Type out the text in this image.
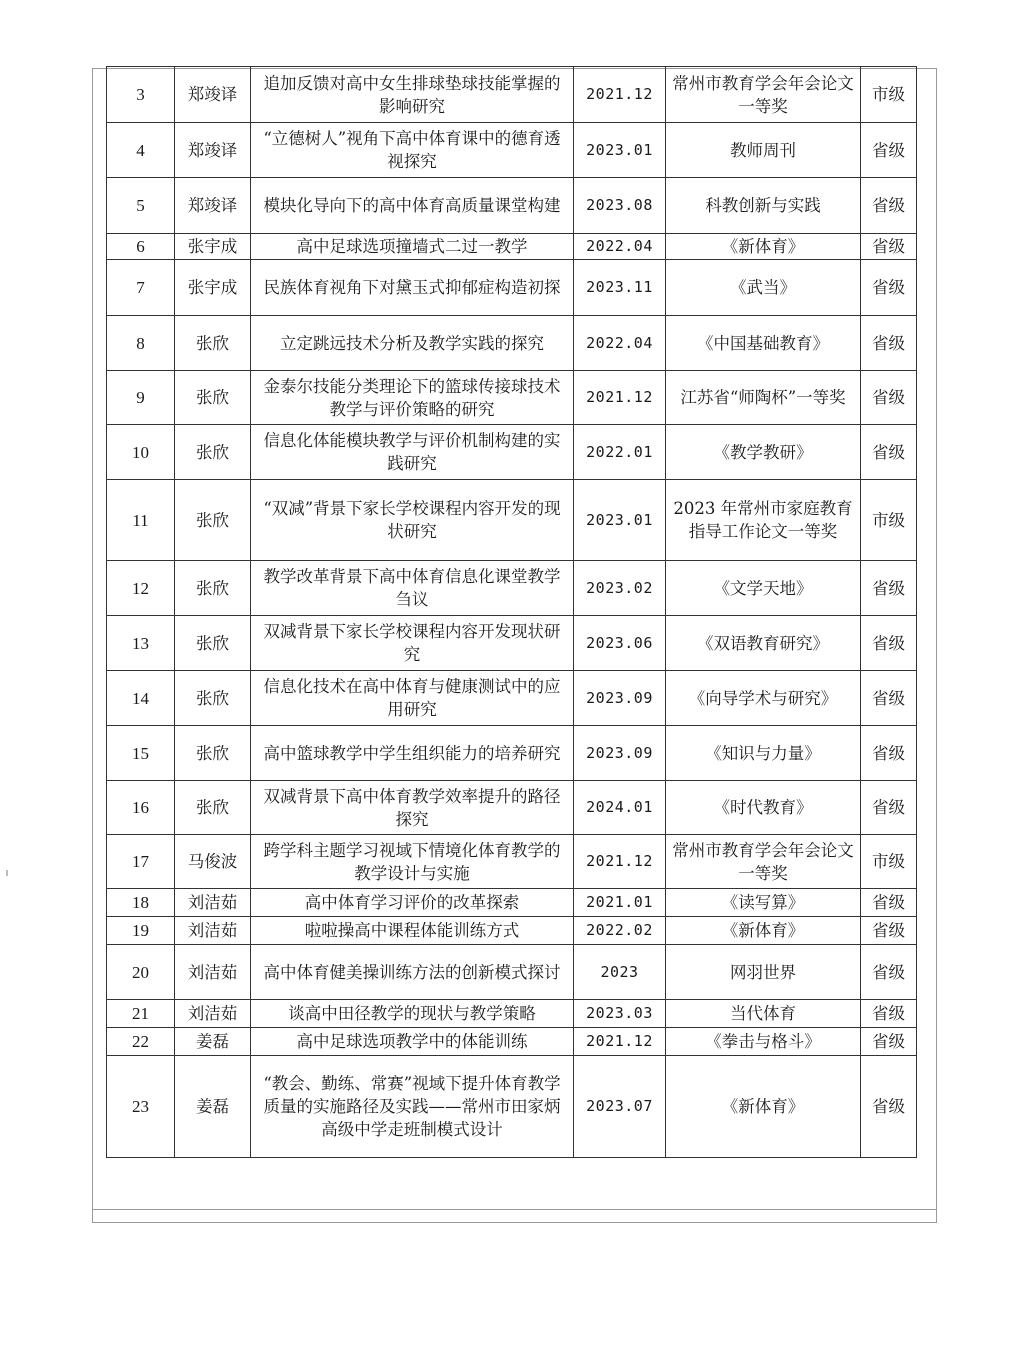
3	郑竣译	追加反馈对高中女生排球垫球技能掌握的影响研究	2021.12	常州市教育学会年会论文一等奖	市级
4	郑竣译	“立德树人”视角下高中体育课中的德育透视探究	2023.01	教师周刊	省级
5	郑竣译	模块化导向下的高中体育高质量课堂构建	2023.08	科教创新与实践	省级
6	张宇成	高中足球选项撞墙式二过一教学	2022.04	《新体育》	省级
7	张宇成	民族体育视角下对黛玉式抑郁症构造初探	2023.11	《武当》	省级
8	张欣	立定跳远技术分析及教学实践的探究	2022.04	《中国基础教育》	省级
9	张欣	金泰尔技能分类理论下的篮球传接球技术教学与评价策略的研究	2021.12	江苏省“师陶杯”一等奖	省级
10	张欣	信息化体能模块教学与评价机制构建的实践研究	2022.01	《教学教研》	省级
11	张欣	“双减”背景下家长学校课程内容开发的现状研究	2023.01	2023 年常州市家庭教育指导工作论文一等奖	市级
12	张欣	教学改革背景下高中体育信息化课堂教学刍议	2023.02	《文学天地》	省级
13	张欣	双减背景下家长学校课程内容开发现状研究	2023.06	《双语教育研究》	省级
14	张欣	信息化技术在高中体育与健康测试中的应用研究	2023.09	《向导学术与研究》	省级
15	张欣	高中篮球教学中学生组织能力的培养研究	2023.09	《知识与力量》	省级
16	张欣	双减背景下高中体育教学效率提升的路径探究	2024.01	《时代教育》	省级
17	马俊波	跨学科主题学习视域下情境化体育教学的教学设计与实施	2021.12	常州市教育学会年会论文一等奖	市级
18	刘洁茹	高中体育学习评价的改革探索	2021.01	《读写算》	省级
19	刘洁茹	啦啦操高中课程体能训练方式	2022.02	《新体育》	省级
20	刘洁茹	高中体育健美操训练方法的创新模式探讨	2023	网羽世界	省级
21	刘洁茹	谈高中田径教学的现状与教学策略	2023.03	当代体育	省级
22	姜磊	高中足球选项教学中的体能训练	2021.12	《拳击与格斗》	省级
23	姜磊	“教会、勤练、常赛”视域下提升体育教学质量的实施路径及实践——常州市田家炳高级中学走班制模式设计	2023.07	《新体育》	省级
